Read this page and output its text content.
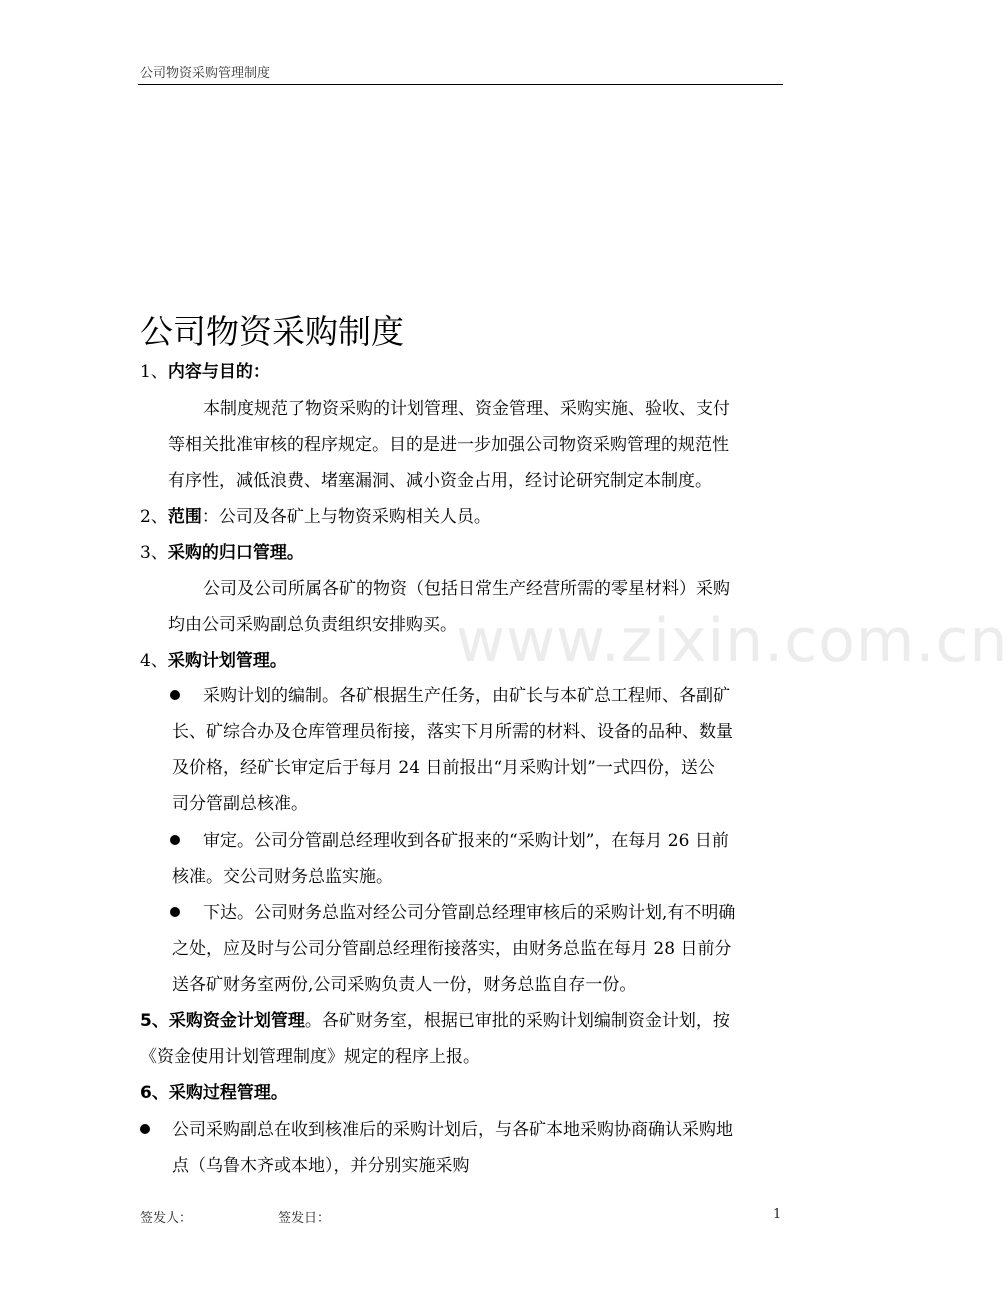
公司物资采购管理制度
www.zixin.com.cn
公司物资采购制度
1、内容与目的：
本制度规范了物资采购的计划管理、资金管理、采购实施、验收、支付
等相关批准审核的程序规定。目的是进一步加强公司物资采购管理的规范性
有序性，减低浪费、堵塞漏洞、减小资金占用，经讨论研究制定本制度。
2、范围：公司及各矿上与物资采购相关人员。
3、采购的归口管理。
公司及公司所属各矿的物资（包括日常生产经营所需的零星材料）采购
均由公司采购副总负责组织安排购买。
4、采购计划管理。
采购计划的编制。各矿根据生产任务，由矿长与本矿总工程师、各副矿
长、矿综合办及仓库管理员衔接，落实下月所需的材料、设备的品种、数量
及价格，经矿长审定后于每月 24 日前报出“月采购计划”一式四份，送公
司分管副总核准。
审定。公司分管副总经理收到各矿报来的“采购计划”，在每月 26 日前
核准。交公司财务总监实施。
下达。公司财务总监对经公司分管副总经理审核后的采购计划,有不明确
之处，应及时与公司分管副总经理衔接落实，由财务总监在每月 28 日前分
送各矿财务室两份,公司采购负责人一份，财务总监自存一份。
5、采购资金计划管理。各矿财务室，根据已审批的采购计划编制资金计划，按
《资金使用计划管理制度》规定的程序上报。
6、采购过程管理。
公司采购副总在收到核准后的采购计划后，与各矿本地采购协商确认采购地
点（乌鲁木齐或本地），并分别实施采购
签发人：	签发日：	1
